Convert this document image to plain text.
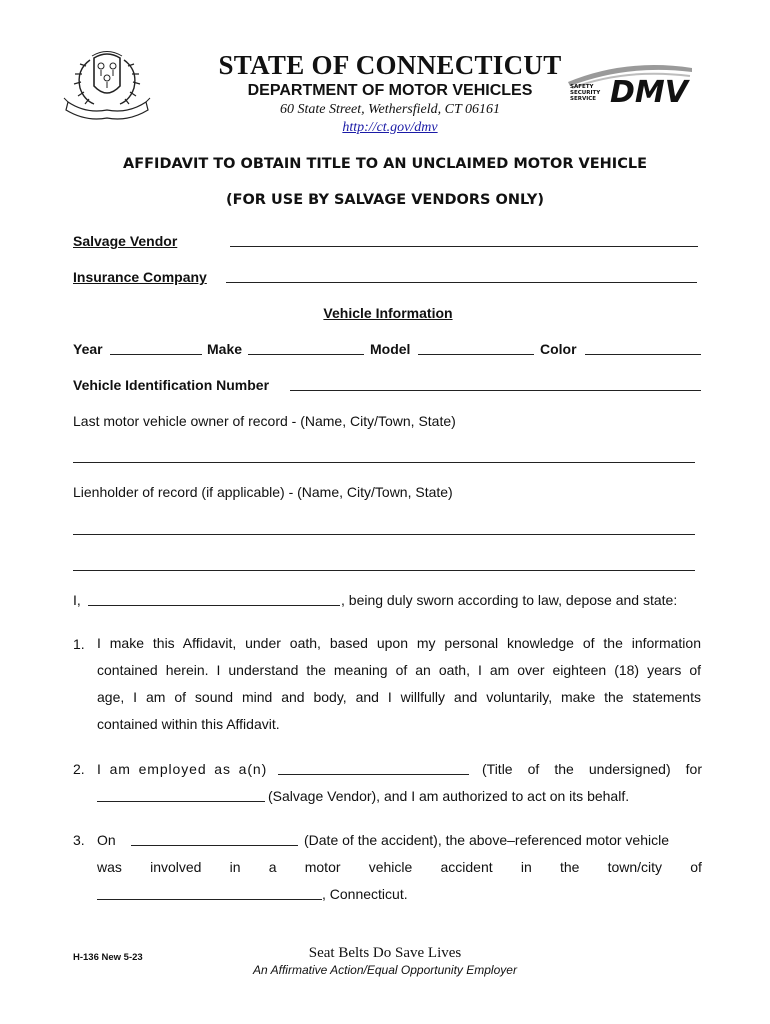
STATE OF CONNECTICUT
DEPARTMENT OF MOTOR VEHICLES
60 State Street, Wethersfield, CT 06161
http://ct.gov/dmv
SAFETY
SECURITY
SERVICE DMV
AFFIDAVIT TO OBTAIN TITLE TO AN UNCLAIMED MOTOR VEHICLE
(FOR USE BY SALVAGE VENDORS ONLY)
Salvage Vendor
Insurance Company
Vehicle Information
Year	Make	Model	Color
Vehicle Identification Number
Last motor vehicle owner of record - (Name, City/Town, State)
Lienholder of record (if applicable) - (Name, City/Town, State)
I,	, being duly sworn according to law, depose and state:
1. I make this Affidavit, under oath, based upon my personal knowledge of the information
contained herein. I understand the meaning of an oath, I am over eighteen (18) years of
age, I am of sound mind and body, and I willfully and voluntarily, make the statements
contained within this Affidavit.
2. I am employed as a(n)	(Title of the undersigned) for
(Salvage Vendor), and I am authorized to act on its behalf.
3. On	(Date of the accident), the above–referenced motor vehicle
was involved in a motor vehicle accident in the town/city of
, Connecticut.
H-136 New 5-23	Seat Belts Do Save Lives
An Affirmative Action/Equal Opportunity Employer
